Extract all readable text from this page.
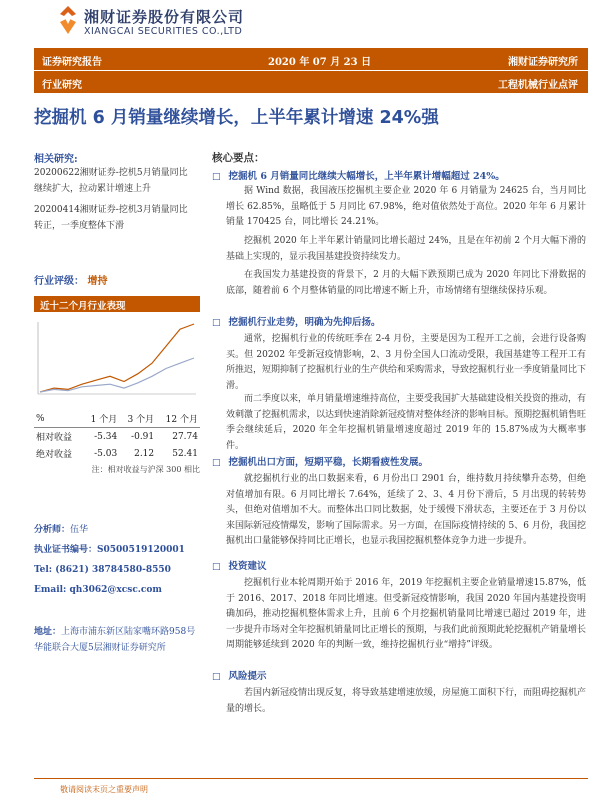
湘财证券股份有限公司
XIANGCAI SECURITIES CO.,LTD
证券研究报告	2020 年 07 月 23 日	湘财证券研究所
行业研究	工程机械行业点评
挖掘机 6 月销量继续增长，上半年累计增速 24%强
相关研究:
20200622湘财证券-挖机5月销量同比继续扩大，拉动累计增速上升
20200414湘财证券-挖机3月销量同比转正，一季度整体下滑
行业评级： 增持
近十二个月行业表现
%	1 个月	3 个月	12 个月
相对收益	-5.34	-0.91	27.74
绝对收益	-5.03	2.12	52.41
注：相对收益与沪深 300 相比
分析师：伍华
执业证书编号：S0500519120001
Tel: (8621) 38784580-8550
Email: qh3062@xcsc.com
地址：上海市浦东新区陆家嘴环路958号华能联合大厦5层湘财证券研究所
核心要点：
□ 挖掘机 6 月销量同比继续大幅增长，上半年累计增幅超过 24%。
据 Wind 数据，我国液压挖掘机主要企业 2020 年 6 月销量为 24625 台，当月同比增长 62.85%，虽略低于 5 月同比 67.98%，绝对值依然处于高位。2020 年年 6 月累计销量 170425 台，同比增长 24.21%。
挖掘机 2020 年上半年累计销量同比增长超过 24%，且是在年初前 2 个月大幅下滑的基础上实现的，显示我国基建投资持续发力。
在我国发力基建投资的背景下，2 月的大幅下跌预期已成为 2020 年同比下滑数据的底部，随着前 6 个月整体销量的同比增速不断上升，市场情绪有望继续保持乐观。
□ 挖掘机行业走势，明确为先抑后扬。
通常，挖掘机行业的传统旺季在 2-4 月份，主要是因为工程开工之前，会进行设备购买。但 20202 年受新冠疫情影响，2、3 月份全国人口流动受限，我国基建等工程开工有所推迟，短期抑制了挖掘机行业的生产供给和采购需求，导致挖掘机行业一季度销量同比下滑。
而二季度以来，单月销量增速维持高位，主要受我国扩大基础建设相关投资的推动，有效刺激了挖掘机需求，以达到快速消除新冠疫情对整体经济的影响目标。预期挖掘机销售旺季会继续延后，2020 年全年挖掘机销量增速度超过 2019 年的 15.87%成为大概率事件。
□ 挖掘机出口方面，短期平稳，长期看疲性发展。
就挖掘机行业的出口数据来看，6 月份出口 2901 台，维持数月持续攀升态势，但绝对值增加有限。6 月同比增长 7.64%，延续了 2、3、4 月份下滑后，5 月出现的转转势头，但绝对值增加不大。而整体出口同比数据，处于缓慢下滑状态，主要还在于 3 月份以来国际新冠疫情爆发，影响了国际需求。另一方面，在国际疫情持续的 5、6 月份，我国挖掘机出口量能够保持同比正增长，也显示我国挖掘机整体竞争力进一步提升。
□ 投资建议
挖掘机行业本轮周期开始于 2016 年，2019 年挖掘机主要企业销量增速15.87%，低于 2016、2017、2018 年同比增速。但受新冠疫情影响，我国 2020 年国内基建投资明确加码，推动挖掘机整体需求上升，且前 6 个月挖掘机销量同比增速已超过 2019 年，进一步提升市场对全年挖掘机销量同比正增长的预期，与我们此前预期此轮挖掘机产销量增长周期能够延续到 2020 年的判断一致，维持挖掘机行业“增持”评级。
□ 风险提示
若国内新冠疫情出现反复，将导致基建增速放缓，房屋施工面积下行，而阻碍挖掘机产量的增长。
敬请阅读末页之重要声明
